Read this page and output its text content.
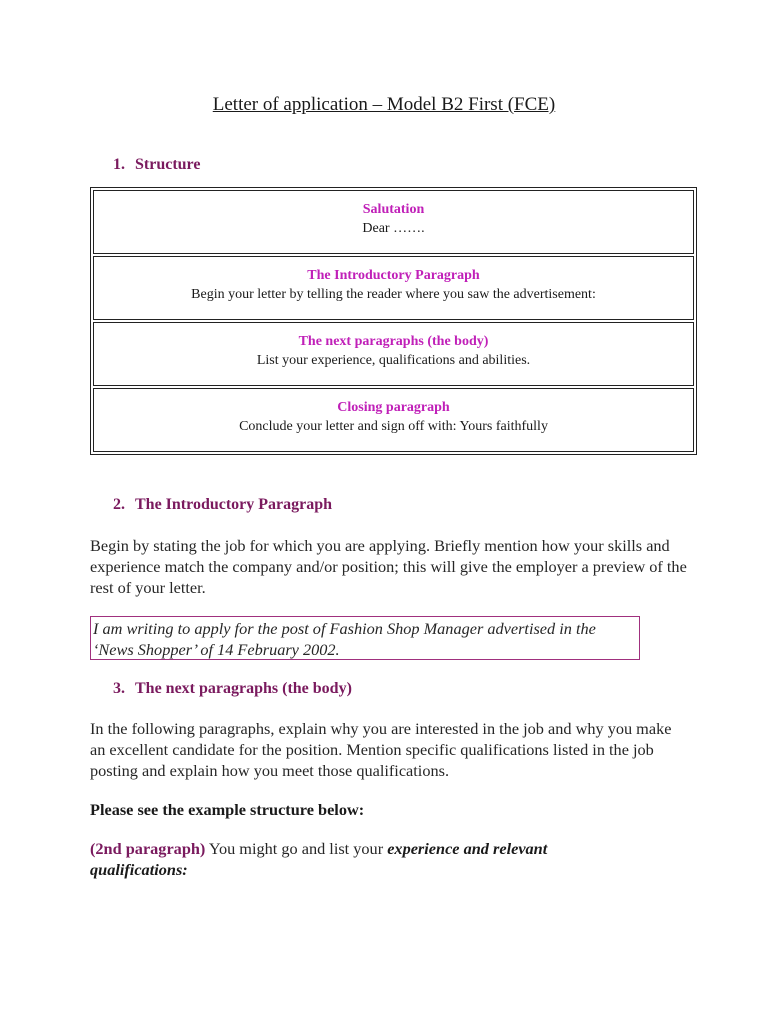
Letter of application – Model B2 First (FCE)
1. Structure
Salutation
Dear …….
The Introductory Paragraph
Begin your letter by telling the reader where you saw the advertisement:
The next paragraphs (the body)
List your experience, qualifications and abilities.
Closing paragraph
Conclude your letter and sign off with: Yours faithfully
2. The Introductory Paragraph
Begin by stating the job for which you are applying. Briefly mention how your skills and experience match the company and/or position; this will give the employer a preview of the rest of your letter.
I am writing to apply for the post of Fashion Shop Manager advertised in the ‘News Shopper’ of 14 February 2002.
3. The next paragraphs (the body)
In the following paragraphs, explain why you are interested in the job and why you make an excellent candidate for the position. Mention specific qualifications listed in the job posting and explain how you meet those qualifications.
Please see the example structure below:
(2nd paragraph) You might go and list your experience and relevant qualifications:
